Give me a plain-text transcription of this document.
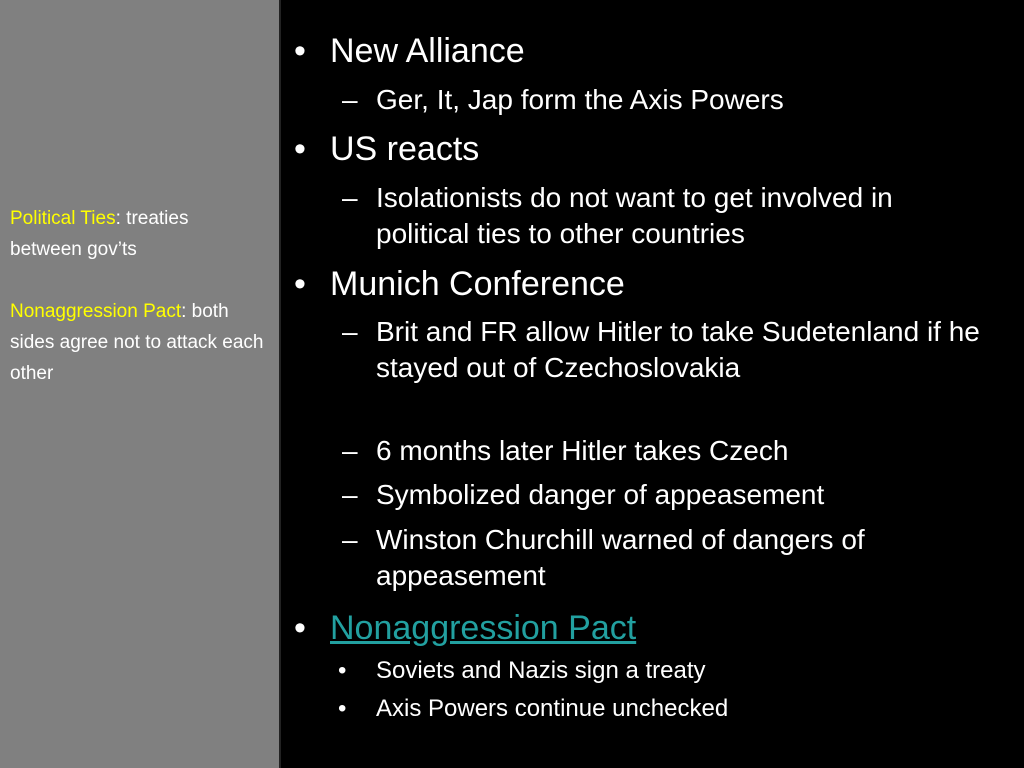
Political Ties: treaties between gov’ts
Nonaggression Pact: both sides agree not to attack each other
• New Alliance
– Ger, It, Jap form the Axis Powers
• US reacts
– Isolationists do not want to get involved in political ties to other countries
• Munich Conference
– Brit and FR allow Hitler to take Sudetenland if he stayed out of Czechoslovakia
– 6 months later Hitler takes Czech
– Symbolized danger of appeasement
– Winston Churchill warned of dangers of appeasement
• Nonaggression Pact
• Soviets and Nazis sign a treaty
• Axis Powers continue unchecked
